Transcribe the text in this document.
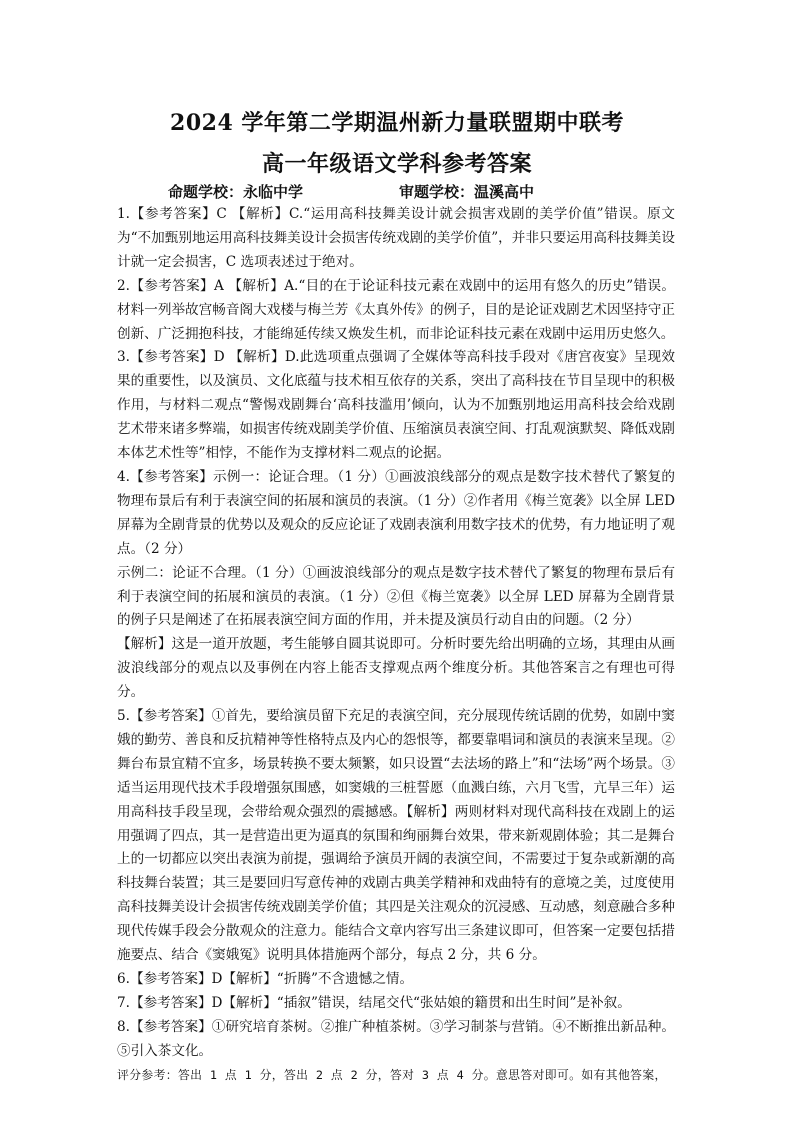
2024 学年第二学期温州新力量联盟期中联考
高一年级语文学科参考答案
命题学校：永临中学	审题学校：温溪高中

1.【参考答案】C 【解析】C.“运用高科技舞美设计就会损害戏剧的美学价值”错误。原文为“不加甄别地运用高科技舞美设计会损害传统戏剧的美学价值”，并非只要运用高科技舞美设计就一定会损害，C 选项表述过于绝对。

2.【参考答案】A 【解析】A.“目的在于论证科技元素在戏剧中的运用有悠久的历史”错误。材料一列举故宫畅音阁大戏楼与梅兰芳《太真外传》的例子，目的是论证戏剧艺术因坚持守正创新、广泛拥抱科技，才能绵延传续又焕发生机，而非论证科技元素在戏剧中运用历史悠久。

3.【参考答案】D 【解析】D.此选项重点强调了全媒体等高科技手段对《唐宫夜宴》呈现效果的重要性，以及演员、文化底蕴与技术相互依存的关系，突出了高科技在节目呈现中的积极作用，与材料二观点“警惕戏剧舞台‘高科技滥用’倾向，认为不加甄别地运用高科技会给戏剧艺术带来诸多弊端，如损害传统戏剧美学价值、压缩演员表演空间、打乱观演默契、降低戏剧本体艺术性等”相悖，不能作为支撑材料二观点的论据。

4.【参考答案】示例一：论证合理。（1 分）①画波浪线部分的观点是数字技术替代了繁复的物理布景后有利于表演空间的拓展和演员的表演。（1 分）②作者用《梅兰宽袭》以全屏 LED 屏幕为全剧背景的优势以及观众的反应论证了戏剧表演利用数字技术的优势，有力地证明了观点。（2 分）

示例二：论证不合理。（1 分）①画波浪线部分的观点是数字技术替代了繁复的物理布景后有利于表演空间的拓展和演员的表演。（1 分）②但《梅兰宽袭》以全屏 LED 屏幕为全剧背景的例子只是阐述了在拓展表演空间方面的作用，并未提及演员行动自由的问题。（2 分）

【解析】这是一道开放题，考生能够自圆其说即可。分析时要先给出明确的立场，其理由从画波浪线部分的观点以及事例在内容上能否支撑观点两个维度分析。其他答案言之有理也可得分。

5.【参考答案】①首先，要给演员留下充足的表演空间，充分展现传统话剧的优势，如剧中窦娥的勤劳、善良和反抗精神等性格特点及内心的怨恨等，都要靠唱词和演员的表演来呈现。②舞台布景宜精不宜多，场景转换不要太频繁，如只设置“去法场的路上”和“法场”两个场景。③适当运用现代技术手段增强氛围感，如窦娥的三桩誓愿（血溅白练，六月飞雪，亢旱三年）运用高科技手段呈现，会带给观众强烈的震撼感。【解析】两则材料对现代高科技在戏剧上的运用强调了四点，其一是营造出更为逼真的氛围和绚丽舞台效果，带来新观剧体验；其二是舞台上的一切都应以突出表演为前提，强调给予演员开阔的表演空间，不需要过于复杂或新潮的高科技舞台装置；其三是要回归写意传神的戏剧古典美学精神和戏曲特有的意境之美，过度使用高科技舞美设计会损害传统戏剧美学价值；其四是关注观众的沉浸感、互动感，刻意融合多种现代传媒手段会分散观众的注意力。能结合文章内容写出三条建议即可，但答案一定要包括措施要点、结合《窦娥冤》说明具体措施两个部分，每点 2 分，共 6 分。

6.【参考答案】D【解析】“折腾”不含遗憾之情。

7.【参考答案】D【解析】“插叙”错误，结尾交代“张姑娘的籍贯和出生时间”是补叙。

8.【参考答案】①研究培育茶树。②推广种植茶树。③学习制茶与营销。④不断推出新品种。⑤引入茶文化。

评分参考：答出 1 点 1 分，答出 2 点 2 分，答对 3 点 4 分。意思答对即可。如有其他答案，
